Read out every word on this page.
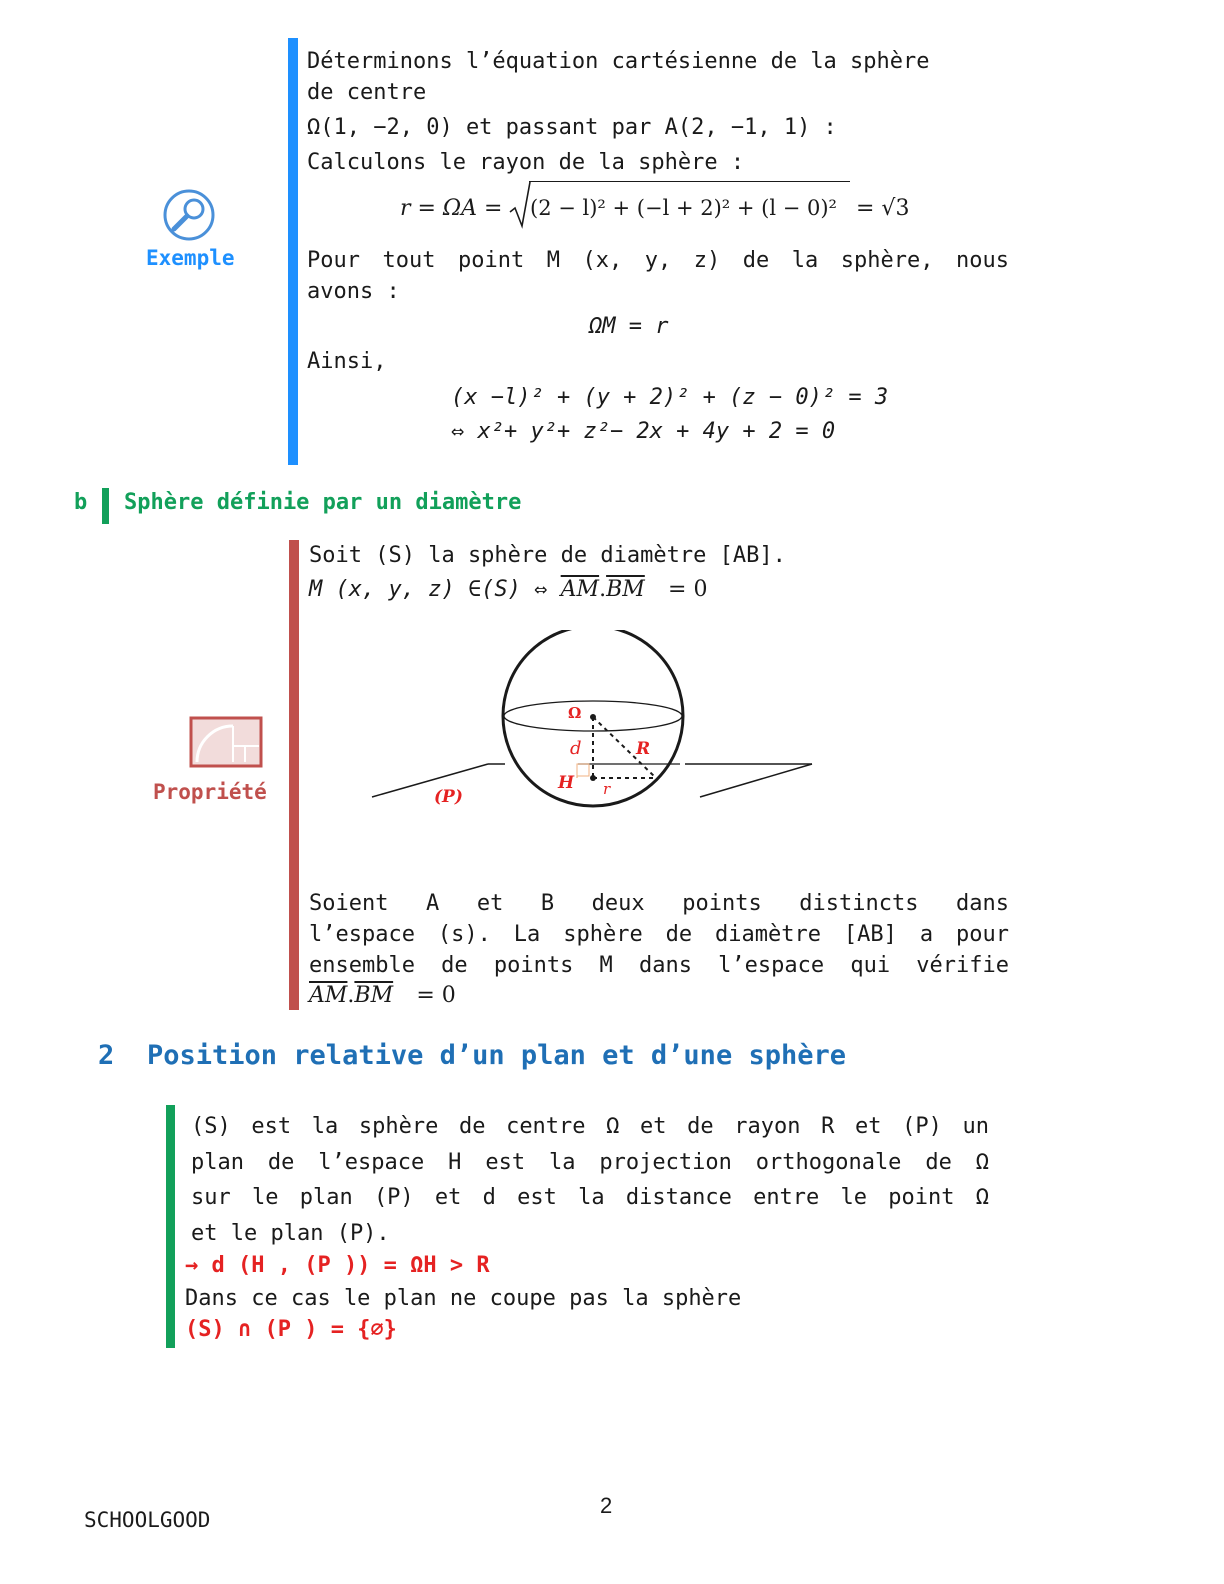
Exemple
Déterminons l’équation cartésienne de la sphère
de centre
Ω(1, −2, 0) et passant par A(2, −1, 1) :
Calculons le rayon de la sphère :
r = ΩA = (2 − l)² + (−l + 2)² + (l − 0)² = √3
Pour tout point M (x, y, z) de la sphère, nous
avons :
ΩM = r
Ainsi,
(x −l)² + (y + 2)² + (z − 0)² = 3
⇔ x²+ y²+ z²− 2x + 4y + 2 = 0
b Sphère définie par un diamètre
Propriété
Soit (S) la sphère de diamètre [AB].
M (x, y, z) ∈(S) ⇔ $\overline{AM}.\overline{BM} = 0$
Ω
d	R
H r
(P)
Soient A et B deux points distincts dans
l’espace (s). La sphère de diamètre [AB] a pour
ensemble de points M dans l’espace qui vérifie
$\overline{AM}.\overline{BM} = 0$
2 Position relative d’un plan et d’une sphère
(S) est la sphère de centre Ω et de rayon R et (P) un
plan de l’espace H est la projection orthogonale de Ω
sur le plan (P) et d est la distance entre le point Ω
et le plan (P).
→ d (H , (P )) = ΩH > R
Dans ce cas le plan ne coupe pas la sphère
(S) ∩ (P ) = {∅}
2
SCHOOLGOOD
